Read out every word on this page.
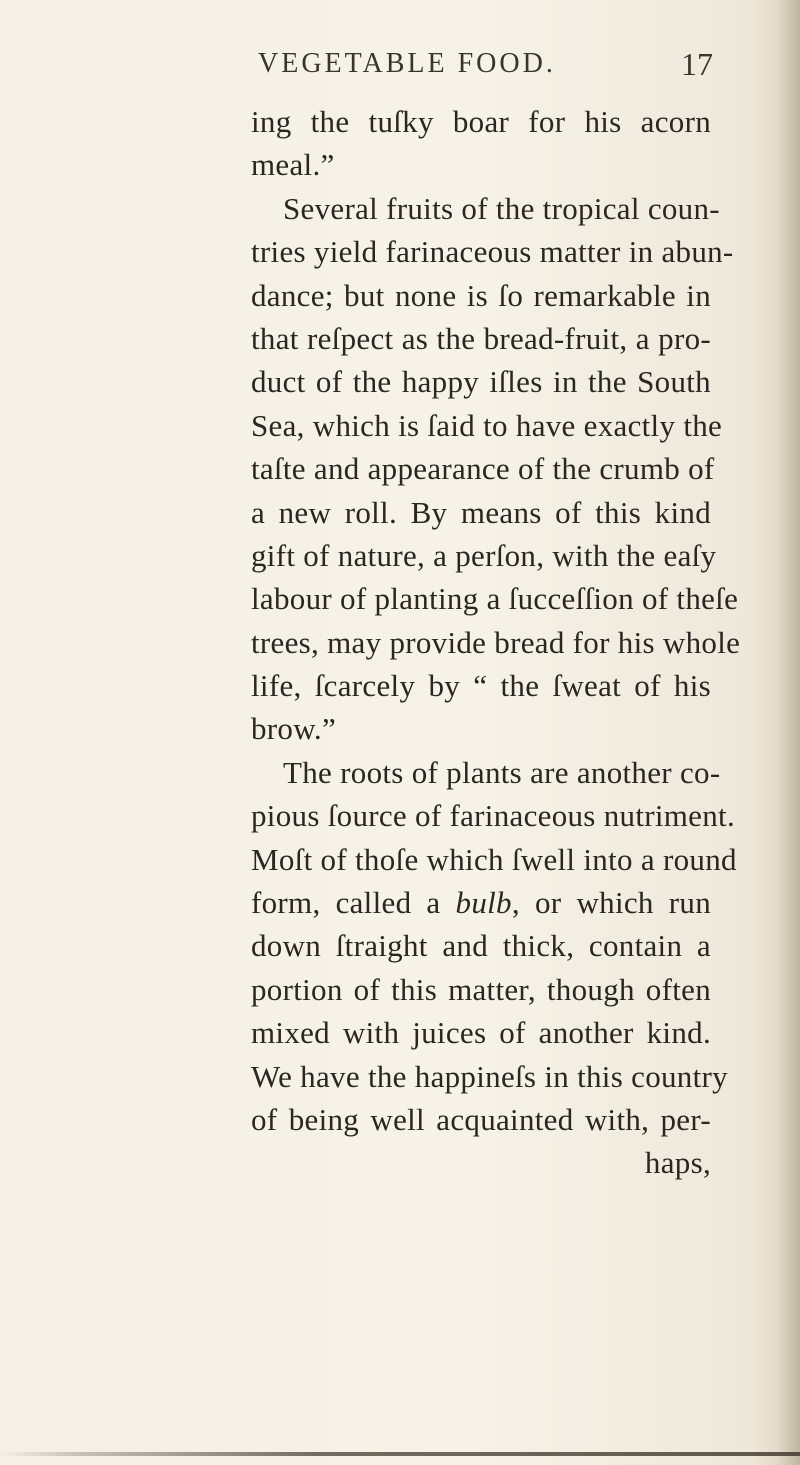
VEGETABLE FOOD.	17
ing the tuſky boar for his acorn
meal.”
Several fruits of the tropical coun-
tries yield farinaceous matter in abun-
dance; but none is ſo remarkable in
that reſpect as the bread-fruit, a pro-
duct of the happy iſles in the South
Sea, which is ſaid to have exactly the
taſte and appearance of the crumb of
a new roll. By means of this kind
gift of nature, a perſon, with the eaſy
labour of planting a ſucceſſion of theſe
trees, may provide bread for his whole
life, ſcarcely by “ the ſweat of his
brow.”
The roots of plants are another co-
pious ſource of farinaceous nutriment.
Moſt of thoſe which ſwell into a round
form, called a bulb, or which run
down ſtraight and thick, contain a
portion of this matter, though often
mixed with juices of another kind.
We have the happineſs in this country
of being well acquainted with, per-
haps,
